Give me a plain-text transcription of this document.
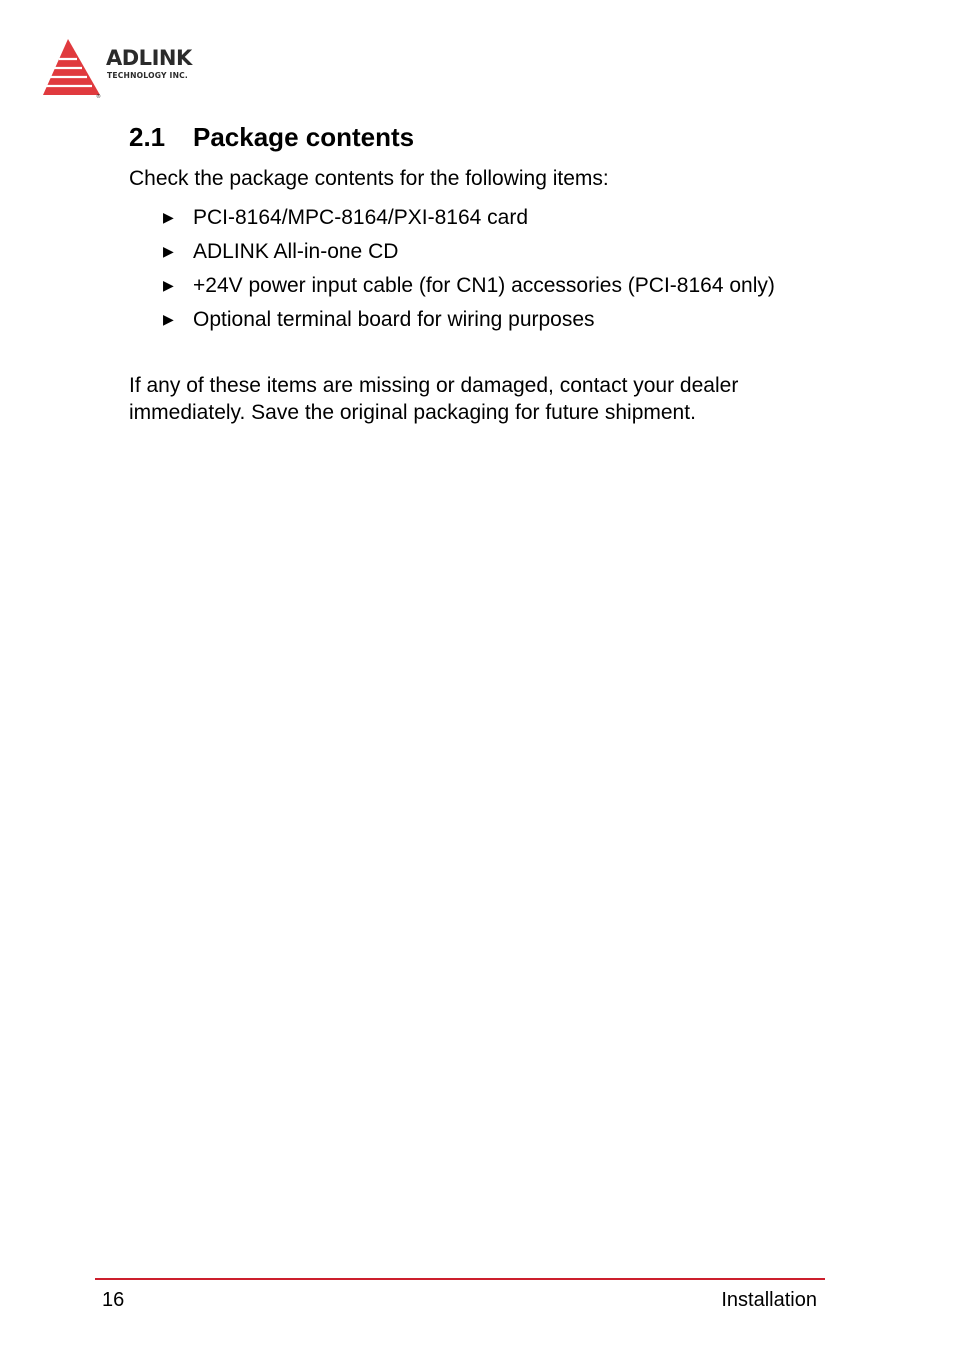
®
ADLINK
TECHNOLOGY INC.
2.1 Package contents

Check the package contents for the following items:

▶ PCI-8164/MPC-8164/PXI-8164 card
▶ ADLINK All-in-one CD
▶ +24V power input cable (for CN1) accessories (PCI-8164 only)
▶ Optional terminal board for wiring purposes

If any of these items are missing or damaged, contact your dealer immediately. Save the original packaging for future shipment.

16	Installation
